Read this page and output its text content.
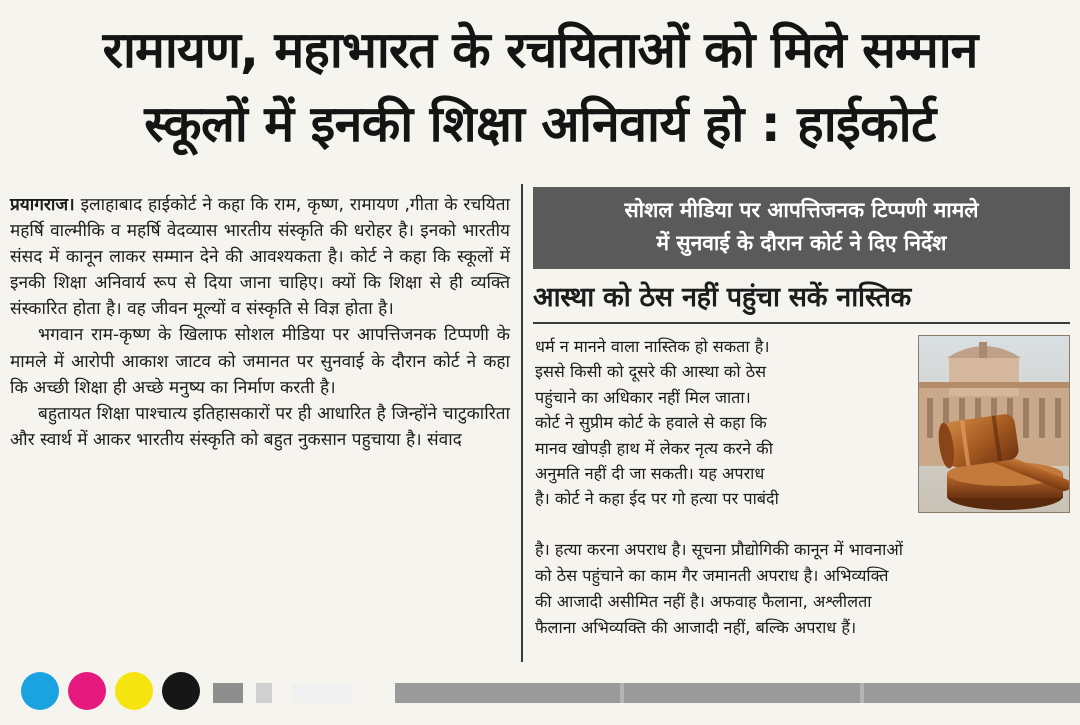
रामायण, महाभारत के रचयिताओं को मिले सम्मान
स्कूलों में इनकी शिक्षा अनिवार्य हो : हाईकोर्ट

प्रयागराज। इलाहाबाद हाईकोर्ट ने कहा कि राम, कृष्ण, रामायण ,गीता के रचयिता महर्षि वाल्मीकि व महर्षि वेदव्यास भारतीय संस्कृति की धरोहर है। इनको भारतीय संसद में कानून लाकर सम्मान देने की आवश्यकता है। कोर्ट ने कहा कि स्कूलों में इनकी शिक्षा अनिवार्य रूप से दिया जाना चाहिए। क्यों कि शिक्षा से ही व्यक्ति संस्कारित होता है। वह जीवन मूल्यों व संस्कृति से विज्ञ होता है।

भगवान राम-कृष्ण के खिलाफ सोशल मीडिया पर आपत्तिजनक टिप्पणी के मामले में आरोपी आकाश जाटव को जमानत पर सुनवाई के दौरान कोर्ट ने कहा कि अच्छी शिक्षा ही अच्छे मनुष्य का निर्माण करती है।

बहुतायत शिक्षा पाश्चात्य इतिहासकारों पर ही आधारित है जिन्होंने चाटुकारिता और स्वार्थ में आकर भारतीय संस्कृति को बहुत नुकसान पहुचाया है। संवाद

सोशल मीडिया पर आपत्तिजनक टिप्पणी मामले
में सुनवाई के दौरान कोर्ट ने दिए निर्देश
आस्था को ठेस नहीं पहुंचा सकें नास्तिक
धर्म न मानने वाला नास्तिक हो सकता है।
इससे किसी को दूसरे की आस्था को ठेस
पहुंचाने का अधिकार नहीं मिल जाता।
कोर्ट ने सुप्रीम कोर्ट के हवाले से कहा कि
मानव खोपड़ी हाथ में लेकर नृत्य करने की
अनुमति नहीं दी जा सकती। यह अपराध
है। कोर्ट ने कहा ईद पर गो हत्या पर पाबंदी
है। हत्या करना अपराध है। सूचना प्रौद्योगिकी कानून में भावनाओं
को ठेस पहुंचाने का काम गैर जमानती अपराध है। अभिव्यक्ति
की आजादी असीमित नहीं है। अफवाह फैलाना, अश्लीलता
फैलाना अभिव्यक्ति की आजादी नहीं, बल्कि अपराध हैं।
